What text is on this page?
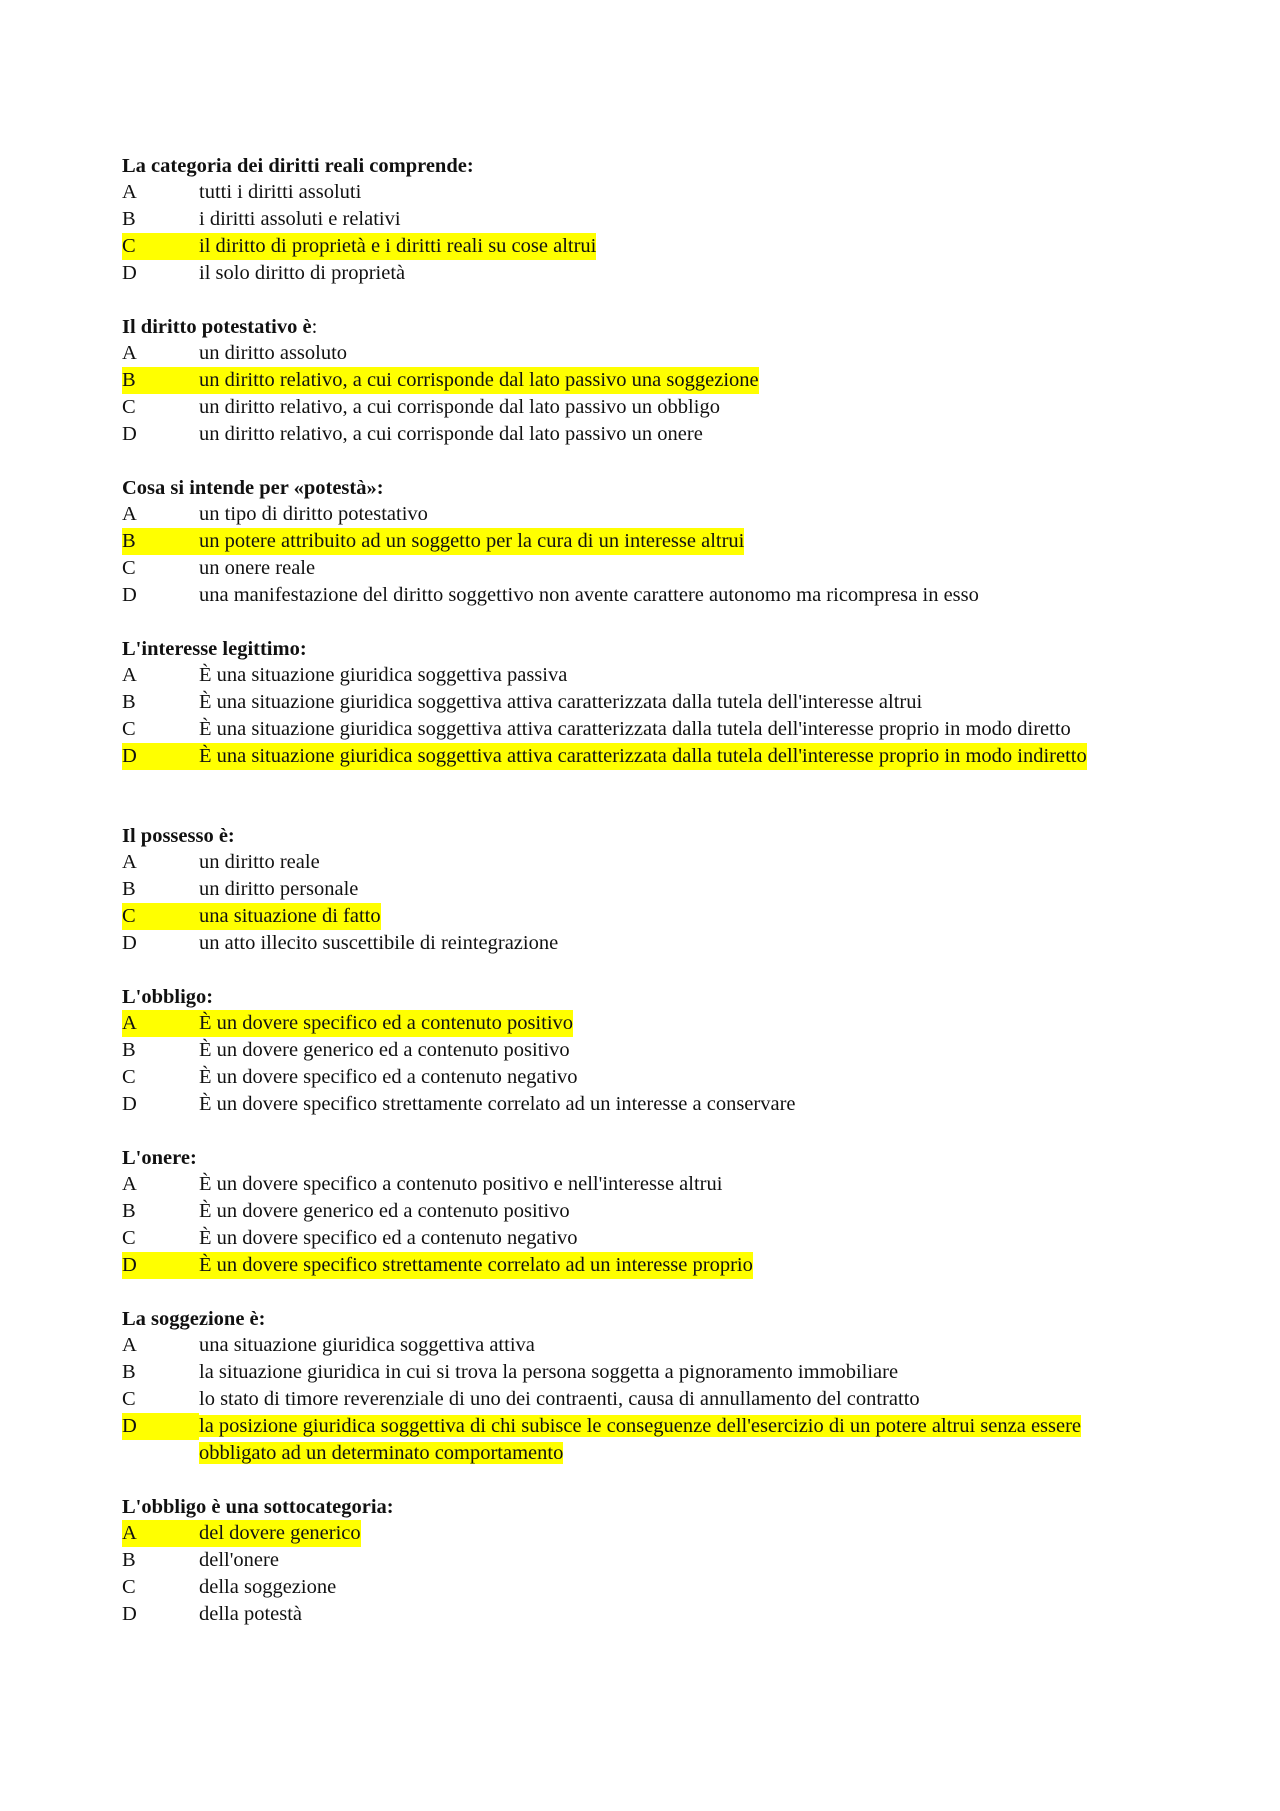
La categoria dei diritti reali comprende:
A	tutti i diritti assoluti
B	i diritti assoluti e relativi
C	il diritto di proprietà e i diritti reali su cose altrui
D	il solo diritto di proprietà
Il diritto potestativo è:
A	un diritto assoluto
B	un diritto relativo, a cui corrisponde dal lato passivo una soggezione
C	un diritto relativo, a cui corrisponde dal lato passivo un obbligo
D	un diritto relativo, a cui corrisponde dal lato passivo un onere
Cosa si intende per «potestà»:
A	un tipo di diritto potestativo
B	un potere attribuito ad un soggetto per la cura di un interesse altrui
C	un onere reale
D	una manifestazione del diritto soggettivo non avente carattere autonomo ma ricompresa in esso
L'interesse legittimo:
A	È una situazione giuridica soggettiva passiva
B	È una situazione giuridica soggettiva attiva caratterizzata dalla tutela dell'interesse altrui
C	È una situazione giuridica soggettiva attiva caratterizzata dalla tutela dell'interesse proprio in modo diretto
D	È una situazione giuridica soggettiva attiva caratterizzata dalla tutela dell'interesse proprio in modo indiretto
Il possesso è:
A	un diritto reale
B	un diritto personale
C	una situazione di fatto
D	un atto illecito suscettibile di reintegrazione
L'obbligo:
A	È un dovere specifico ed a contenuto positivo
B	È un dovere generico ed a contenuto positivo
C	È un dovere specifico ed a contenuto negativo
D	È un dovere specifico strettamente correlato ad un interesse a conservare
L'onere:
A	È un dovere specifico a contenuto positivo e nell'interesse altrui
B	È un dovere generico ed a contenuto positivo
C	È un dovere specifico ed a contenuto negativo
D	È un dovere specifico strettamente correlato ad un interesse proprio
La soggezione è:
A	una situazione giuridica soggettiva attiva
B	la situazione giuridica in cui si trova la persona soggetta a pignoramento immobiliare
C	lo stato di timore reverenziale di uno dei contraenti, causa di annullamento del contratto
D	la posizione giuridica soggettiva di chi subisce le conseguenze dell'esercizio di un potere altrui senza essere
obbligato ad un determinato comportamento
L'obbligo è una sottocategoria:
A	del dovere generico
B	dell'onere
C	della soggezione
D	della potestà
